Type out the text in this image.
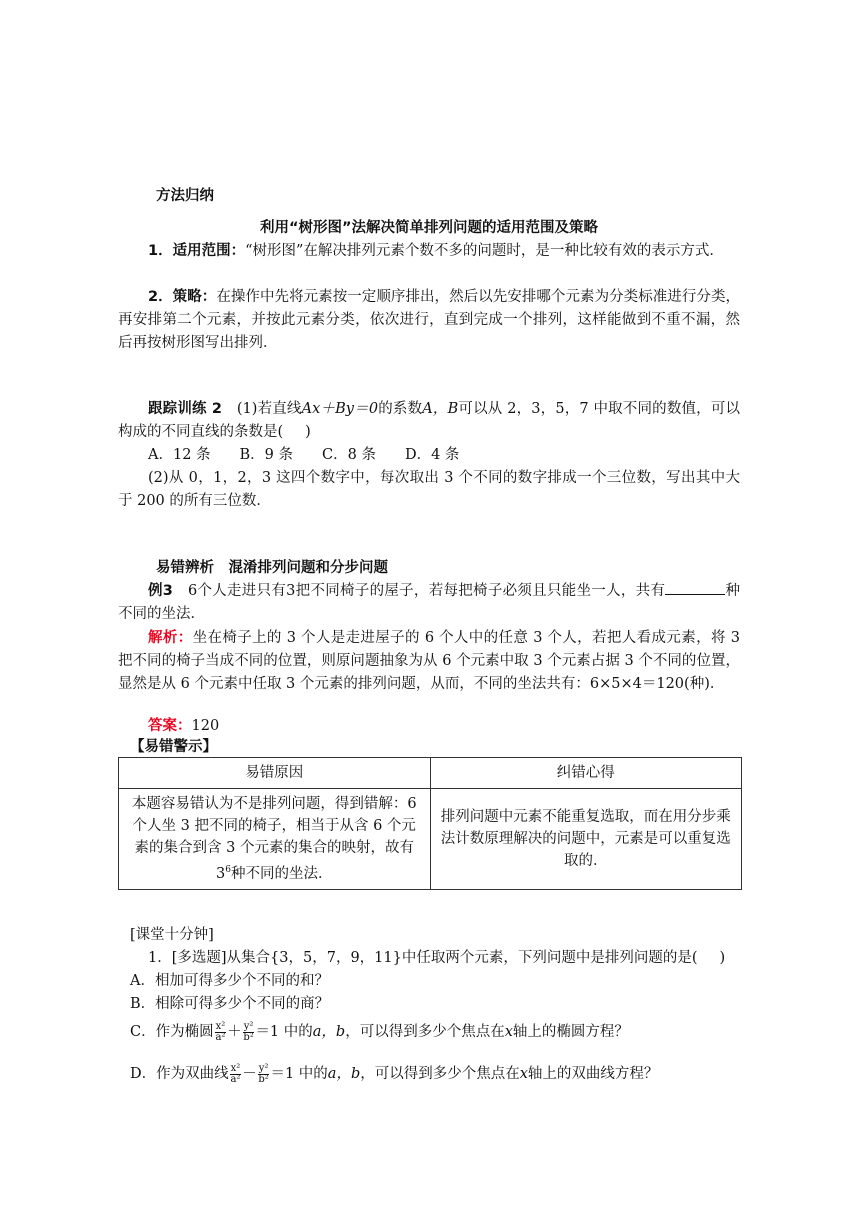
方法归纳
利用“树形图”法解决简单排列问题的适用范围及策略
1．适用范围：“树形图”在解决排列元素个数不多的问题时，是一种比较有效的表示方式．
2．策略：在操作中先将元素按一定顺序排出，然后以先安排哪个元素为分类标准进行分类，再安排第二个元素，并按此元素分类，依次进行，直到完成一个排列，这样能做到不重不漏，然后再按树形图写出排列．
跟踪训练 2　 (1)若直线Ax＋By＝0的系数A，B可以从 2，3，5，7 中取不同的数值，可以构成的不同直线的条数是( )
A．12 条　　 B．9 条　　 C．8 条　　 D．4 条
(2)从 0，1，2，3 这四个数字中，每次取出 3 个不同的数字排成一个三位数，写出其中大于 200 的所有三位数．
易错辨析　混淆排列问题和分步问题
例3　 6个人走进只有3把不同椅子的屋子，若每把椅子必须且只能坐一人，共有	种不同的坐法．
解析：坐在椅子上的 3 个人是走进屋子的 6 个人中的任意 3 个人，若把人看成元素，将 3 把不同的椅子当成不同的位置，则原问题抽象为从 6 个元素中取 3 个元素占据 3 个不同的位置，显然是从 6 个元素中任取 3 个元素的排列问题，从而，不同的坐法共有：6×5×4＝120(种)．
答案：120
【易错警示】
易错原因	纠错心得
本题容易错认为不是排列问题，得到错解：6 个人坐 3 把不同的椅子，相当于从含 6 个元素的集合到含 3 个元素的集合的映射，故有$3^6$种不同的坐法．	排列问题中元素不能重复选取，而在用分步乘法计数原理解决的问题中，元素是可以重复选取的．
[课堂十分钟]
1．[多选题]从集合{3，5，7，9，11}中任取两个元素，下列问题中是排列问题的是( )
A．相加可得多少个不同的和？
B．相除可得多少个不同的商？
C．作为椭圆 $\frac{\text{x²}}{\text{a²}} + \frac{\text{y²}}{\text{b²}} =1$ 中的a，b，可以得到多少个焦点在x轴上的椭圆方程？
D．作为双曲线 $\frac{\text{x²}}{\text{a²}} - \frac{\text{y²}}{\text{b²}} =1$ 中的a，b，可以得到多少个焦点在x轴上的双曲线方程？
